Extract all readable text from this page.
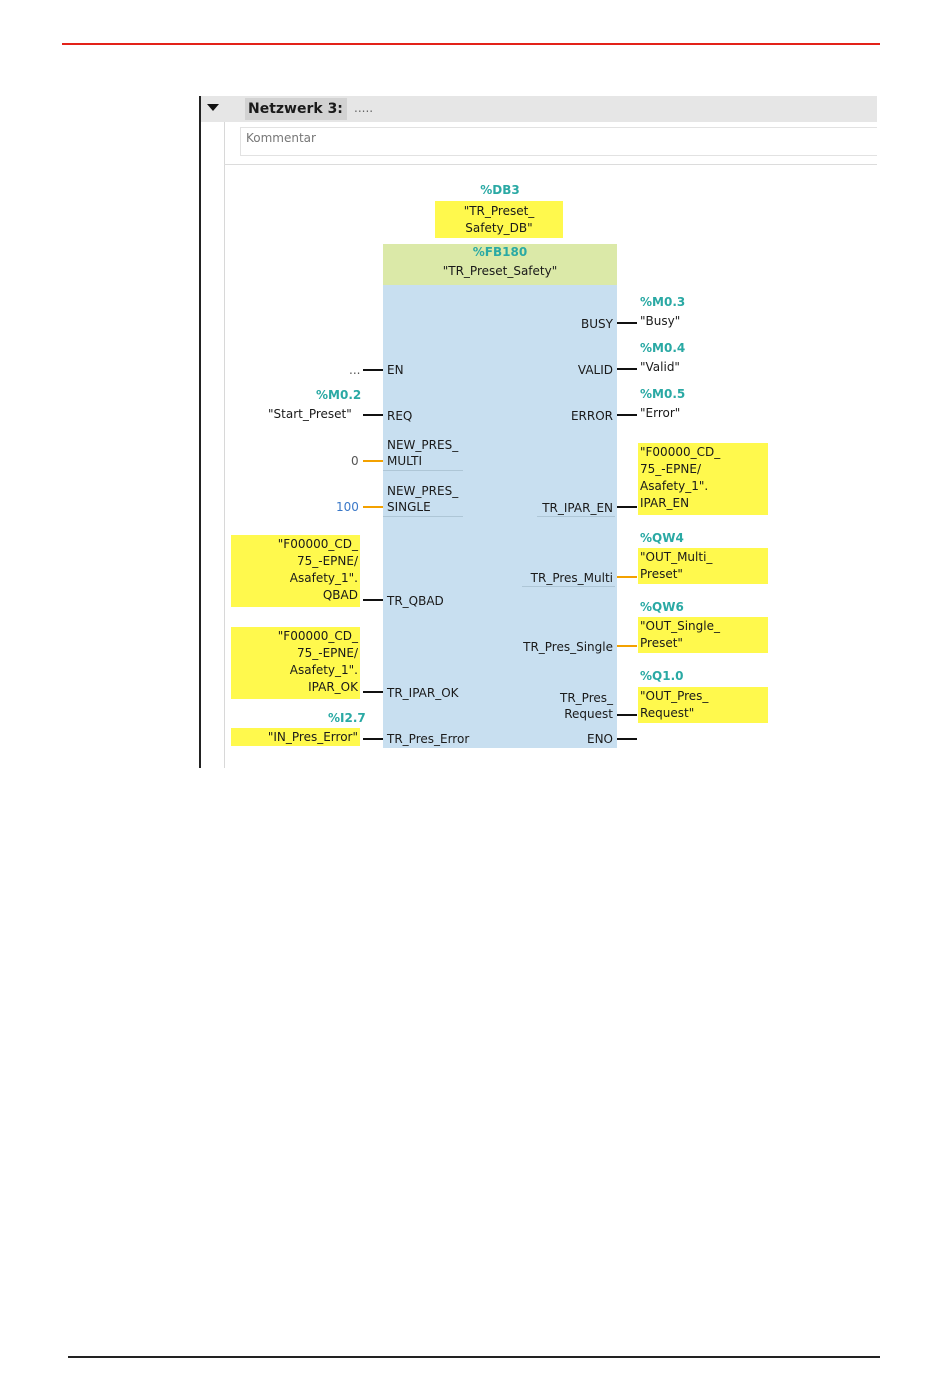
Netzwerk 3: .....
Kommentar
%DB3
"TR_Preset_
Safety_DB"
%FB180
"TR_Preset_Safety"
... EN
%M0.2
"Start_Preset"	REQ
0
NEW_PRES_
MULTI
100
NEW_PRES_
SINGLE
"F00000_CD_
75_-EPNE/
Asafety_1".
QBAD TR_QBAD
"F00000_CD_
75_-EPNE/
Asafety_1".
IPAR_OK TR_IPAR_OK
%I2.7
"IN_Pres_Error" TR_Pres_Error
BUSY
%M0.3
"Busy"
VALID
%M0.4
"Valid"
ERROR
%M0.5
"Error"
TR_IPAR_EN
"F00000_CD_
75_-EPNE/
Asafety_1".
IPAR_EN
TR_Pres_Multi
%QW4
"OUT_Multi_
Preset"
TR_Pres_Single
%QW6
"OUT_Single_
Preset"
TR_Pres_
Request
%Q1.0
"OUT_Pres_
Request"
ENO
